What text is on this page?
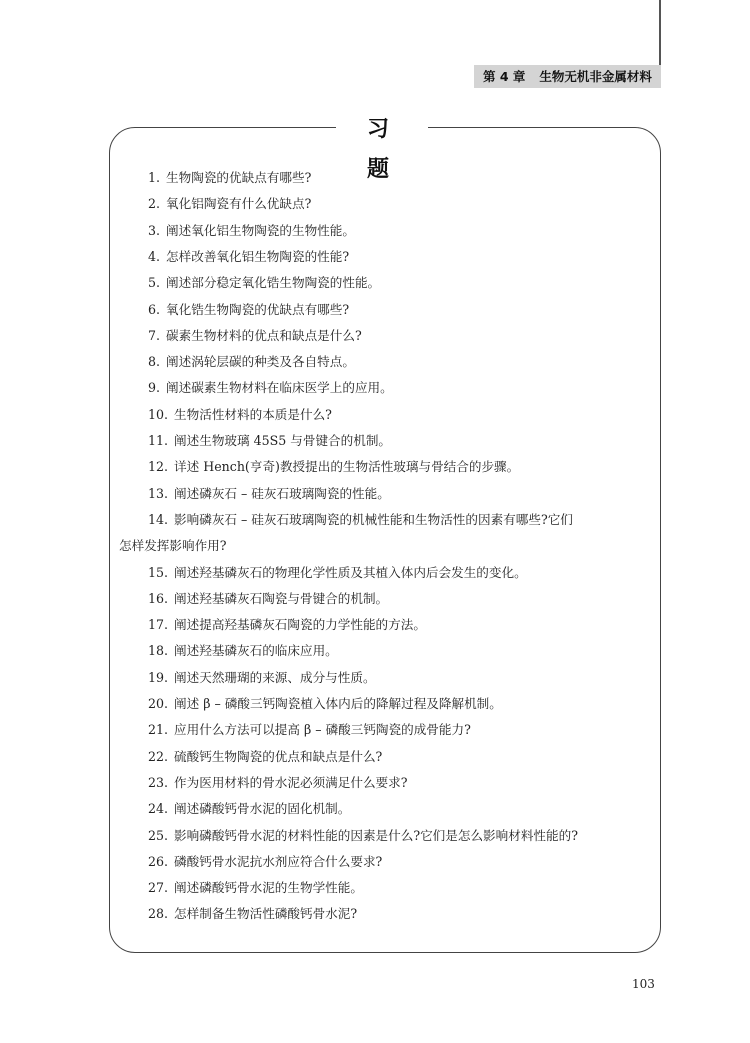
第 4 章 生物无机非金属材料
习 题
1. 生物陶瓷的优缺点有哪些?
2. 氧化铝陶瓷有什么优缺点?
3. 阐述氧化铝生物陶瓷的生物性能。
4. 怎样改善氧化铝生物陶瓷的性能?
5. 阐述部分稳定氧化锆生物陶瓷的性能。
6. 氧化锆生物陶瓷的优缺点有哪些?
7. 碳素生物材料的优点和缺点是什么?
8. 阐述涡轮层碳的种类及各自特点。
9. 阐述碳素生物材料在临床医学上的应用。
10. 生物活性材料的本质是什么?
11. 阐述生物玻璃 45S5 与骨键合的机制。
12. 详述 Hench(亨奇)教授提出的生物活性玻璃与骨结合的步骤。
13. 阐述磷灰石 – 硅灰石玻璃陶瓷的性能。
14. 影响磷灰石 – 硅灰石玻璃陶瓷的机械性能和生物活性的因素有哪些?它们
怎样发挥影响作用?
15. 阐述羟基磷灰石的物理化学性质及其植入体内后会发生的变化。
16. 阐述羟基磷灰石陶瓷与骨键合的机制。
17. 阐述提高羟基磷灰石陶瓷的力学性能的方法。
18. 阐述羟基磷灰石的临床应用。
19. 阐述天然珊瑚的来源、成分与性质。
20. 阐述 β – 磷酸三钙陶瓷植入体内后的降解过程及降解机制。
21. 应用什么方法可以提高 β – 磷酸三钙陶瓷的成骨能力?
22. 硫酸钙生物陶瓷的优点和缺点是什么?
23. 作为医用材料的骨水泥必须满足什么要求?
24. 阐述磷酸钙骨水泥的固化机制。
25. 影响磷酸钙骨水泥的材料性能的因素是什么?它们是怎么影响材料性能的?
26. 磷酸钙骨水泥抗水剂应符合什么要求?
27. 阐述磷酸钙骨水泥的生物学性能。
28. 怎样制备生物活性磷酸钙骨水泥?
103
